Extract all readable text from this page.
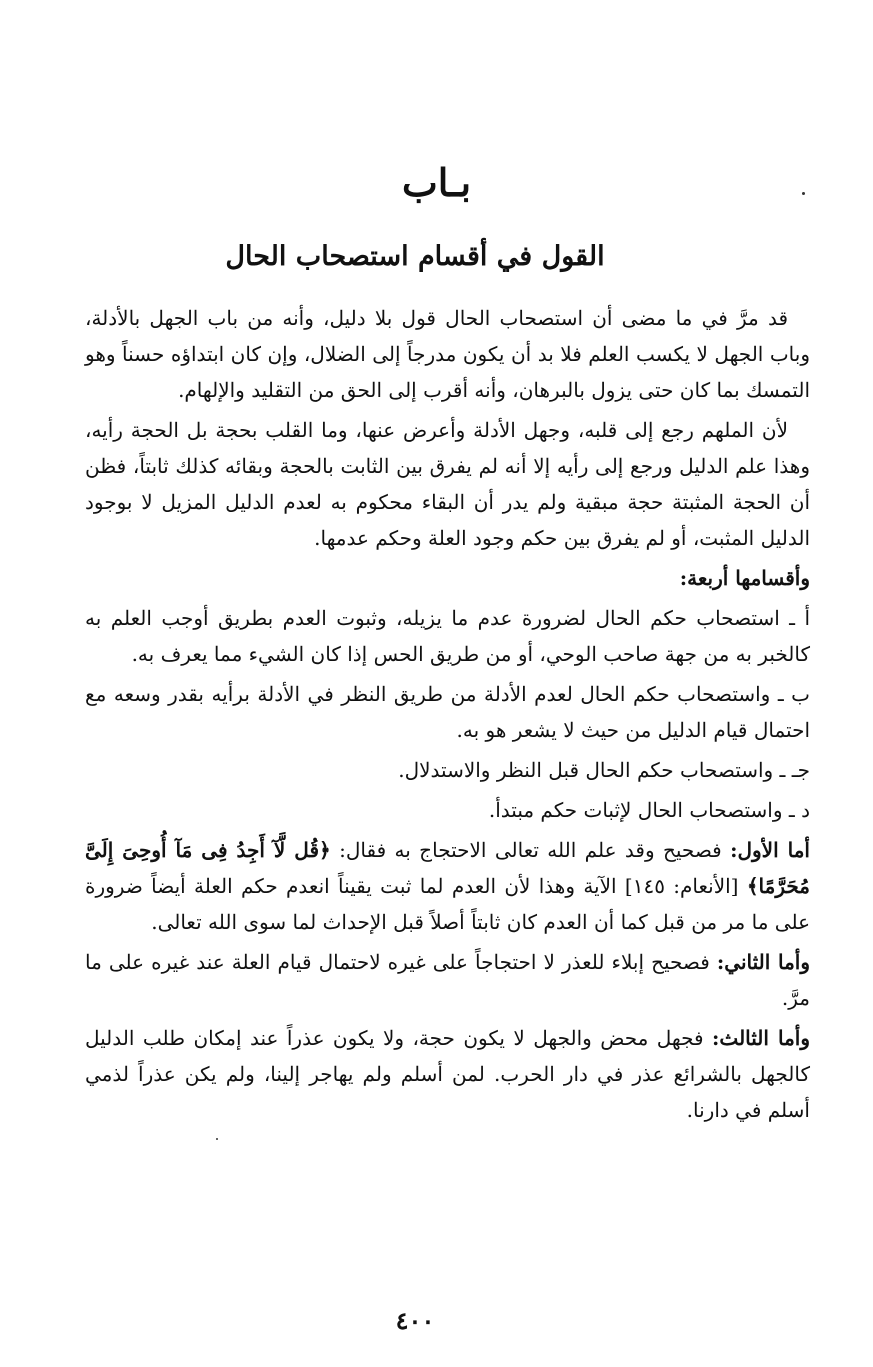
بـاب
القول في أقسام استصحاب الحال

قد مرَّ في ما مضى أن استصحاب الحال قول بلا دليل، وأنه من باب الجهل بالأدلة، وباب الجهل لا يكسب العلم فلا بد أن يكون مدرجاً إلى الضلال، وإن كان ابتداؤه حسناً وهو التمسك بما كان حتى يزول بالبرهان، وأنه أقرب إلى الحق من التقليد والإلهام.

لأن الملهم رجع إلى قلبه، وجهل الأدلة وأعرض عنها، وما القلب بحجة بل الحجة رأيه، وهذا علم الدليل ورجع إلى رأيه إلا أنه لم يفرق بين الثابت بالحجة وبقائه كذلك ثابتاً، فظن أن الحجة المثبتة حجة مبقية ولم يدر أن البقاء محكوم به لعدم الدليل المزيل لا بوجود الدليل المثبت، أو لم يفرق بين حكم وجود العلة وحكم عدمها.

وأقسامها أربعة:

أ ـ استصحاب حكم الحال لضرورة عدم ما يزيله، وثبوت العدم بطريق أوجب العلم به كالخبر به من جهة صاحب الوحي، أو من طريق الحس إذا كان الشيء مما يعرف به.

ب ـ واستصحاب حكم الحال لعدم الأدلة من طريق النظر في الأدلة برأيه بقدر وسعه مع احتمال قيام الدليل من حيث لا يشعر هو به.

جـ ـ واستصحاب حكم الحال قبل النظر والاستدلال.

د ـ واستصحاب الحال لإثبات حكم مبتدأ.

أما الأول: فصحيح وقد علم الله تعالى الاحتجاج به فقال: ﴿قُل لَّآ أَجِدُ فِى مَآ أُوحِىَ إِلَىَّ مُحَرَّمًا﴾ [الأنعام: ١٤٥] الآية وهذا لأن العدم لما ثبت يقيناً انعدم حكم العلة أيضاً ضرورة على ما مر من قبل كما أن العدم كان ثابتاً أصلاً قبل الإحداث لما سوى الله تعالى.

وأما الثاني: فصحيح إبلاء للعذر لا احتجاجاً على غيره لاحتمال قيام العلة عند غيره على ما مرَّ.

وأما الثالث: فجهل محض والجهل لا يكون حجة، ولا يكون عذراً عند إمكان طلب الدليل كالجهل بالشرائع عذر في دار الحرب. لمن أسلم ولم يهاجر إلينا، ولم يكن عذراً لذمي أسلم في دارنا.

٤٠٠
